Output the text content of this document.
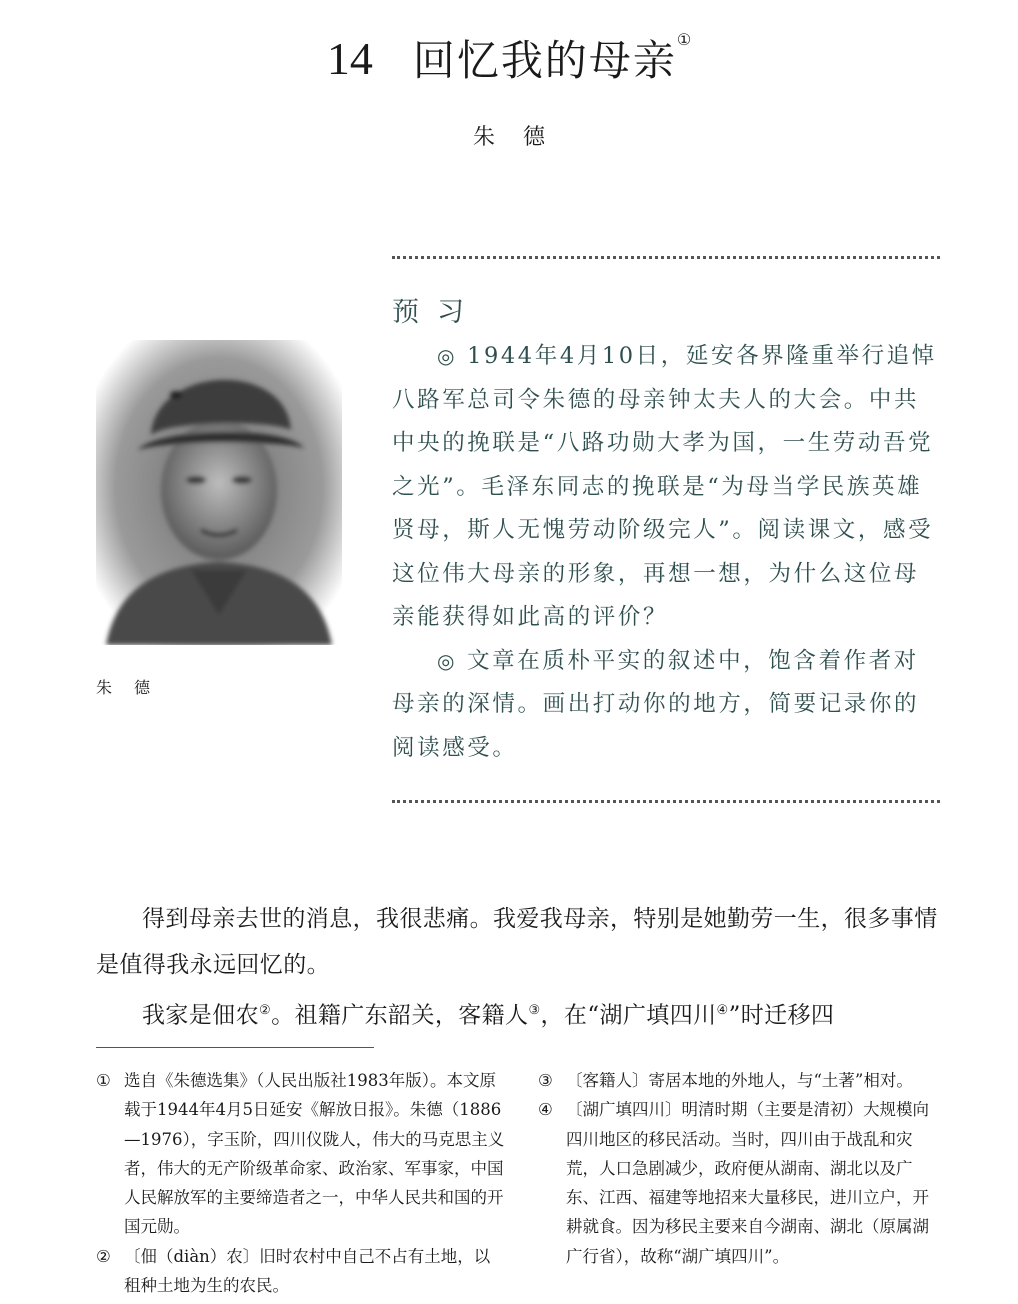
14 回忆我的母亲①
朱德
预习

◎ 1944年4月10日，延安各界隆重举行追悼八路军总司令朱德的母亲钟太夫人的大会。中共中央的挽联是“八路功勋大孝为国，一生劳动吾党之光”。毛泽东同志的挽联是“为母当学民族英雄贤母，斯人无愧劳动阶级完人”。阅读课文，感受这位伟大母亲的形象，再想一想，为什么这位母亲能获得如此高的评价？

◎ 文章在质朴平实的叙述中，饱含着作者对母亲的深情。画出打动你的地方，简要记录你的阅读感受。

朱德

得到母亲去世的消息，我很悲痛。我爱我母亲，特别是她勤劳一生，很多事情是值得我永远回忆的。

我家是佃农②。祖籍广东韶关，客籍人③，在“湖广填四川④”时迁移四

① 选自《朱德选集》（人民出版社1983年版）。本文原载于1944年4月5日延安《解放日报》。朱德（1886—1976），字玉阶，四川仪陇人，伟大的马克思主义者，伟大的无产阶级革命家、政治家、军事家，中国人民解放军的主要缔造者之一，中华人民共和国的开国元勋。

② 〔佃（diàn）农〕旧时农村中自己不占有土地，以租种土地为生的农民。

③ 〔客籍人〕寄居本地的外地人，与“土著”相对。

④ 〔湖广填四川〕明清时期（主要是清初）大规模向四川地区的移民活动。当时，四川由于战乱和灾荒，人口急剧减少，政府便从湖南、湖北以及广东、江西、福建等地招来大量移民，进川立户，开耕就食。因为移民主要来自今湖南、湖北（原属湖广行省），故称“湖广填四川”。
